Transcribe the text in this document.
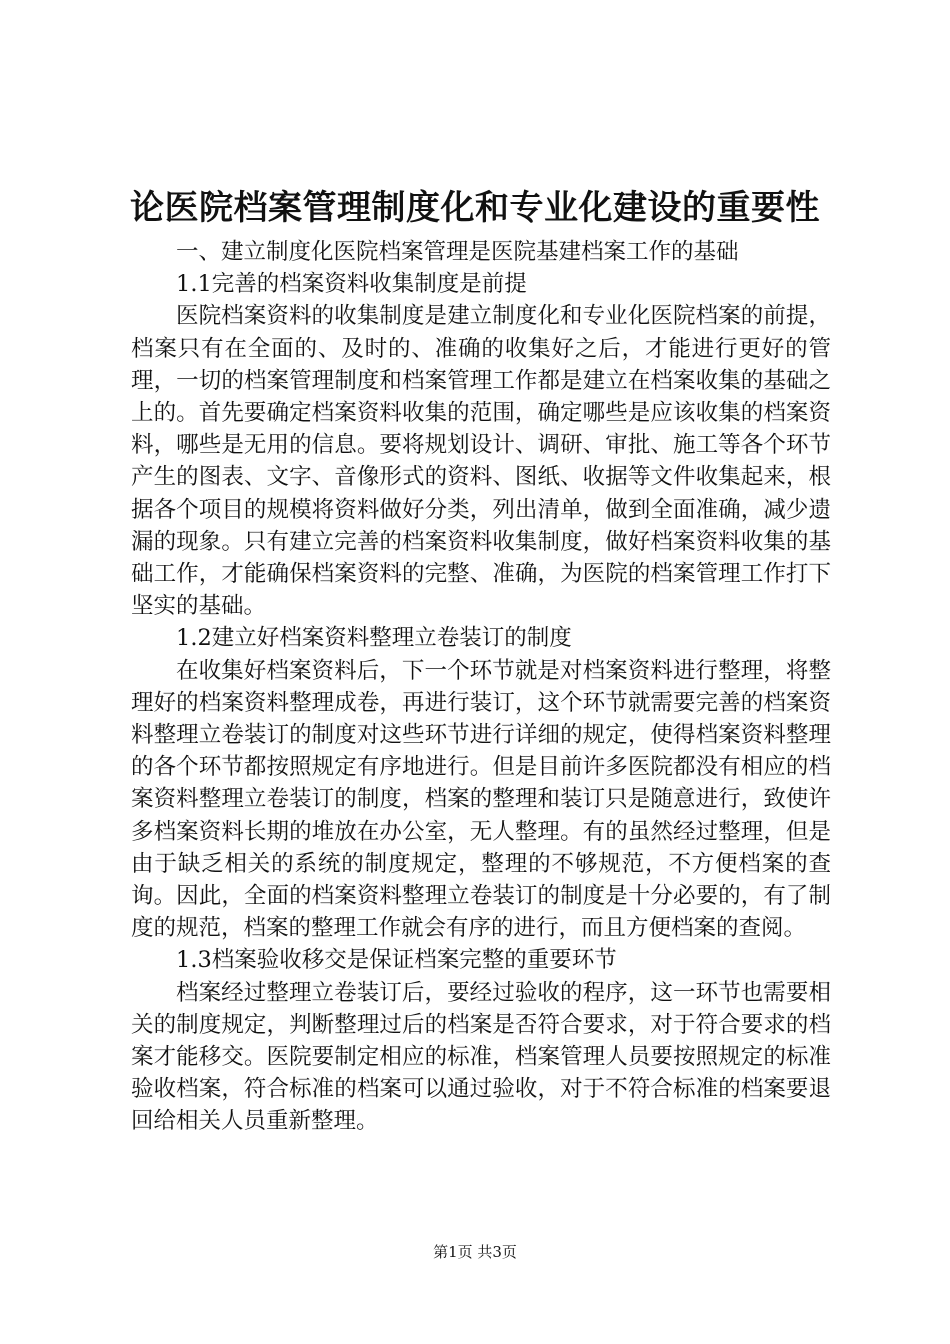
论医院档案管理制度化和专业化建设的重要性

一、建立制度化医院档案管理是医院基建档案工作的基础

1.1完善的档案资料收集制度是前提

医院档案资料的收集制度是建立制度化和专业化医院档案的前提，档案只有在全面的、及时的、准确的收集好之后，才能进行更好的管理，一切的档案管理制度和档案管理工作都是建立在档案收集的基础之上的。首先要确定档案资料收集的范围，确定哪些是应该收集的档案资料，哪些是无用的信息。要将规划设计、调研、审批、施工等各个环节产生的图表、文字、音像形式的资料、图纸、收据等文件收集起来，根据各个项目的规模将资料做好分类，列出清单，做到全面准确，减少遗漏的现象。只有建立完善的档案资料收集制度，做好档案资料收集的基础工作，才能确保档案资料的完整、准确，为医院的档案管理工作打下坚实的基础。

1.2建立好档案资料整理立卷装订的制度

在收集好档案资料后，下一个环节就是对档案资料进行整理，将整理好的档案资料整理成卷，再进行装订，这个环节就需要完善的档案资料整理立卷装订的制度对这些环节进行详细的规定，使得档案资料整理的各个环节都按照规定有序地进行。但是目前许多医院都没有相应的档案资料整理立卷装订的制度，档案的整理和装订只是随意进行，致使许多档案资料长期的堆放在办公室，无人整理。有的虽然经过整理，但是由于缺乏相关的系统的制度规定，整理的不够规范，不方便档案的查询。因此，全面的档案资料整理立卷装订的制度是十分必要的，有了制度的规范，档案的整理工作就会有序的进行，而且方便档案的查阅。

1.3档案验收移交是保证档案完整的重要环节

档案经过整理立卷装订后，要经过验收的程序，这一环节也需要相关的制度规定，判断整理过后的档案是否符合要求，对于符合要求的档案才能移交。医院要制定相应的标准，档案管理人员要按照规定的标准验收档案，符合标准的档案可以通过验收，对于不符合标准的档案要退回给相关人员重新整理。

第1页 共3页
